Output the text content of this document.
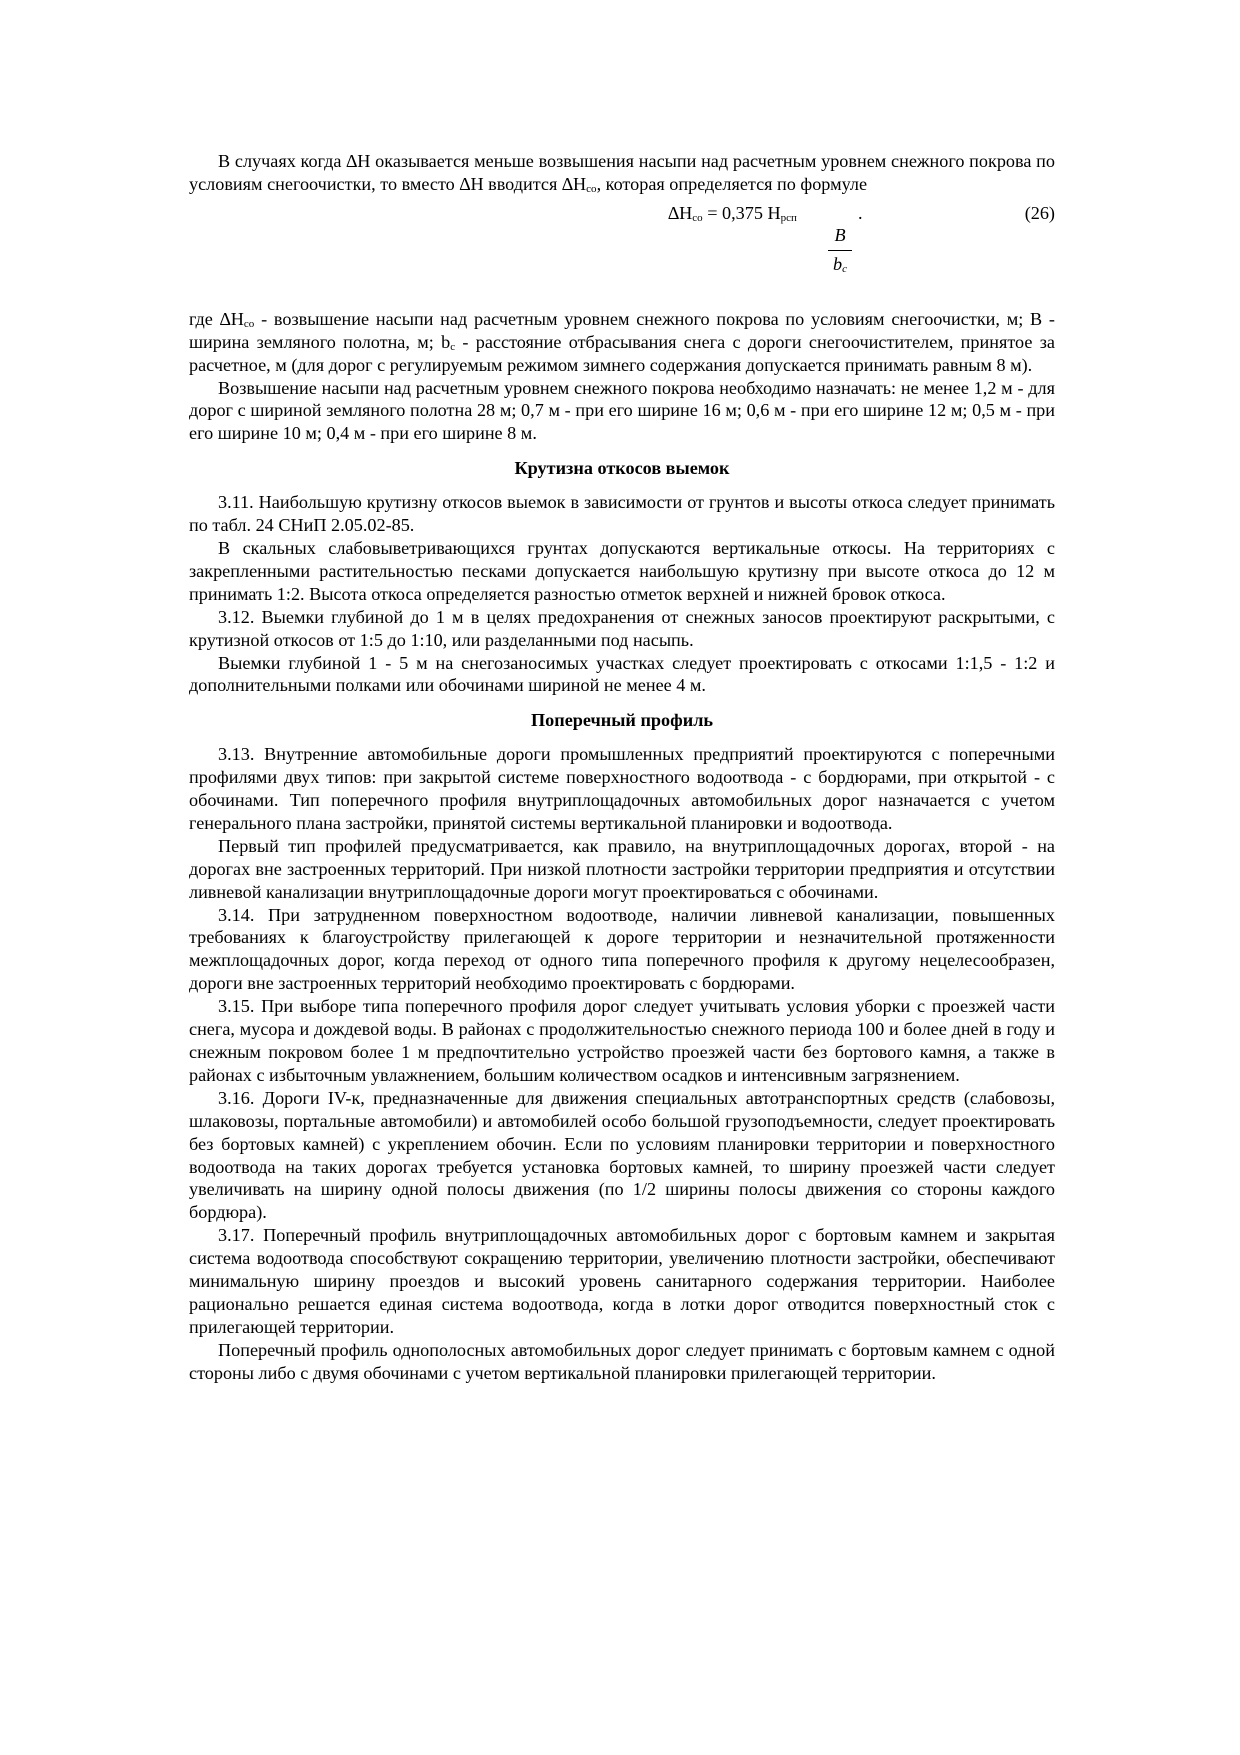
В случаях когда ∆Н оказывается меньше возвышения насыпи над расчетным уровнем снежного покрова по условиям снегоочистки, то вместо ∆Н вводится $\Delta Н_{со}$, которая определяется по формуле

$\Delta Н_{со} = 0,375$ $Н_{рсп}$	.
B
$b_c$
(26)

где $\Delta Н_{со}$ - возвышение насыпи над расчетным уровнем снежного покрова по условиям снегоочистки, м; В - ширина земляного полотна, м; $b_с$ - расстояние отбрасывания снега с дороги снегоочистителем, принятое за расчетное, м (для дорог с регулируемым режимом зимнего содержания допускается принимать равным 8 м).

Возвышение насыпи над расчетным уровнем снежного покрова необходимо назначать: не менее 1,2 м - для дорог с шириной земляного полотна 28 м; 0,7 м - при его ширине 16 м; 0,6 м - при его ширине 12 м; 0,5 м - при его ширине 10 м; 0,4 м - при его ширине 8 м.

Крутизна откосов выемок

3.11. Наибольшую крутизну откосов выемок в зависимости от грунтов и высоты откоса следует принимать по табл. 24 СНиП 2.05.02-85.

В скальных слабовыветривающихся грунтах допускаются вертикальные откосы. На территориях с закрепленными растительностью песками допускается наибольшую крутизну при высоте откоса до 12 м принимать 1:2. Высота откоса определяется разностью отметок верхней и нижней бровок откоса.

3.12. Выемки глубиной до 1 м в целях предохранения от снежных заносов проектируют раскрытыми, с крутизной откосов от 1:5 до 1:10, или разделанными под насыпь.

Выемки глубиной 1 - 5 м на снегозаносимых участках следует проектировать с откосами 1:1,5 - 1:2 и дополнительными полками или обочинами шириной не менее 4 м.

Поперечный профиль

3.13. Внутренние автомобильные дороги промышленных предприятий проектируются с поперечными профилями двух типов: при закрытой системе поверхностного водоотвода - с бордюрами, при открытой - с обочинами. Тип поперечного профиля внутриплощадочных автомобильных дорог назначается с учетом генерального плана застройки, принятой системы вертикальной планировки и водоотвода.

Первый тип профилей предусматривается, как правило, на внутриплощадочных дорогах, второй - на дорогах вне застроенных территорий. При низкой плотности застройки территории предприятия и отсутствии ливневой канализации внутриплощадочные дороги могут проектироваться с обочинами.

3.14. При затрудненном поверхностном водоотводе, наличии ливневой канализации, повышенных требованиях к благоустройству прилегающей к дороге территории и незначительной протяженности межплощадочных дорог, когда переход от одного типа поперечного профиля к другому нецелесообразен, дороги вне застроенных территорий необходимо проектировать с бордюрами.

3.15. При выборе типа поперечного профиля дорог следует учитывать условия уборки с проезжей части снега, мусора и дождевой воды. В районах с продолжительностью снежного периода 100 и более дней в году и снежным покровом более 1 м предпочтительно устройство проезжей части без бортового камня, а также в районах с избыточным увлажнением, большим количеством осадков и интенсивным загрязнением.

3.16. Дороги IV-к, предназначенные для движения специальных автотранспортных средств (слабовозы, шлаковозы, портальные автомобили) и автомобилей особо большой грузоподъемности, следует проектировать без бортовых камней) с укреплением обочин. Если по условиям планировки территории и поверхностного водоотвода на таких дорогах требуется установка бортовых камней, то ширину проезжей части следует увеличивать на ширину одной полосы движения (по 1/2 ширины полосы движения со стороны каждого бордюра).

3.17. Поперечный профиль внутриплощадочных автомобильных дорог с бортовым камнем и закрытая система водоотвода способствуют сокращению территории, увеличению плотности застройки, обеспечивают минимальную ширину проездов и высокий уровень санитарного содержания территории. Наиболее рационально решается единая система водоотвода, когда в лотки дорог отводится поверхностный сток с прилегающей территории.

Поперечный профиль однополосных автомобильных дорог следует принимать с бортовым камнем с одной стороны либо с двумя обочинами с учетом вертикальной планировки прилегающей территории.
